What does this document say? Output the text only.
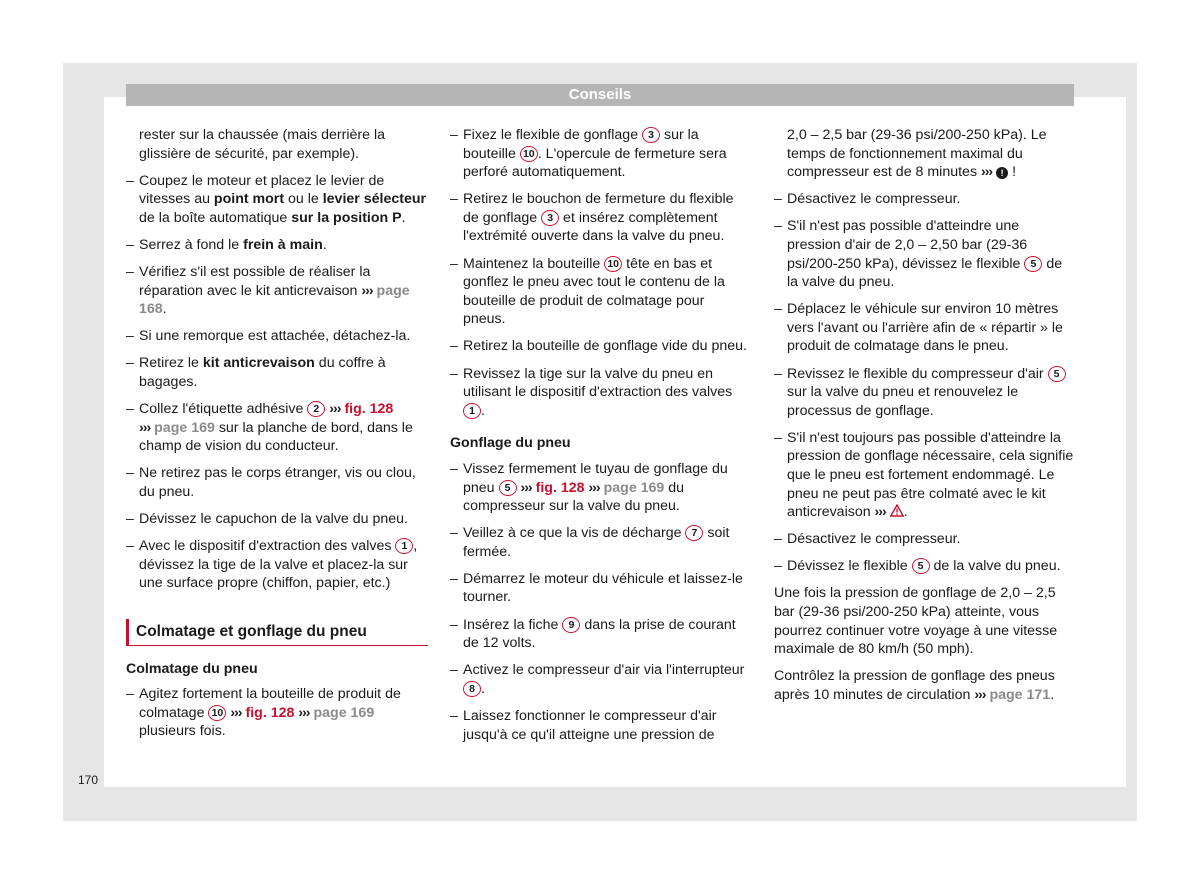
Conseils

rester sur la chaussée (mais derrière la glissière de sécurité, par exemple).

– Coupez le moteur et placez le levier de vitesses au point mort ou le levier sélecteur de la boîte automatique sur la position P.
– Serrez à fond le frein à main.
– Vérifiez s'il est possible de réaliser la réparation avec le kit anticrevaison ››› page 168.
– Si une remorque est attachée, détachez-la.
– Retirez le kit anticrevaison du coffre à bagages.
– Collez l'étiquette adhésive 2 ››› fig. 128
››› page 169 sur la planche de bord, dans le champ de vision du conducteur.
– Ne retirez pas le corps étranger, vis ou clou, du pneu.
– Dévissez le capuchon de la valve du pneu.
– Avec le dispositif d'extraction des valves 1 , dévissez la tige de la valve et placez-la sur une surface propre (chiffon, papier, etc.)
Colmatage et gonflage du pneu
Colmatage du pneu
– Agitez fortement la bouteille de produit de colmatage 10 ››› fig. 128 ››› page 169 plusieurs fois.
– Fixez le flexible de gonflage 3 sur la bouteille 10 . L'opercule de fermeture sera perforé automatiquement.
– Retirez le bouchon de fermeture du flexible de gonflage 3 et insérez complètement l'extrémité ouverte dans la valve du pneu.
– Maintenez la bouteille 10 tête en bas et gonflez le pneu avec tout le contenu de la bouteille de produit de colmatage pour pneus.
– Retirez la bouteille de gonflage vide du pneu.
– Revissez la tige sur la valve du pneu en utilisant le dispositif d'extraction des valves 1 .
Gonflage du pneu
– Vissez fermement le tuyau de gonflage du pneu 5 ››› fig. 128 ››› page 169 du compresseur sur la valve du pneu.
– Veillez à ce que la vis de décharge 7 soit fermée.
– Démarrez le moteur du véhicule et laissez-le tourner.
– Insérez la fiche 9 dans la prise de courant de 12 volts.
– Activez le compresseur d'air via l'interrupteur 8 .
– Laissez fonctionner le compresseur d'air jusqu'à ce qu'il atteigne une pression de

2,0 – 2,5 bar (29-36 psi/200-250 kPa). Le temps de fonctionnement maximal du compresseur est de 8 minutes ››› ! !

– Désactivez le compresseur.
– S'il n'est pas possible d'atteindre une pression d'air de 2,0 – 2,50 bar (29-36 psi/200-250 kPa), dévissez le flexible 5 de la valve du pneu.
– Déplacez le véhicule sur environ 10 mètres vers l'avant ou l'arrière afin de « répartir » le produit de colmatage dans le pneu.
– Revissez le flexible du compresseur d'air 5 sur la valve du pneu et renouvelez le processus de gonflage.
– S'il n'est toujours pas possible d'atteindre la pression de gonflage nécessaire, cela signifie que le pneu est fortement endommagé. Le pneu ne peut pas être colmaté avec le kit anticrevaison ››› .
– Désactivez le compresseur.
– Dévissez le flexible 5 de la valve du pneu.

Une fois la pression de gonflage de 2,0 – 2,5 bar (29-36 psi/200-250 kPa) atteinte, vous pourrez continuer votre voyage à une vitesse maximale de 80 km/h (50 mph).

Contrôlez la pression de gonflage des pneus après 10 minutes de circulation ››› page 171.

170
